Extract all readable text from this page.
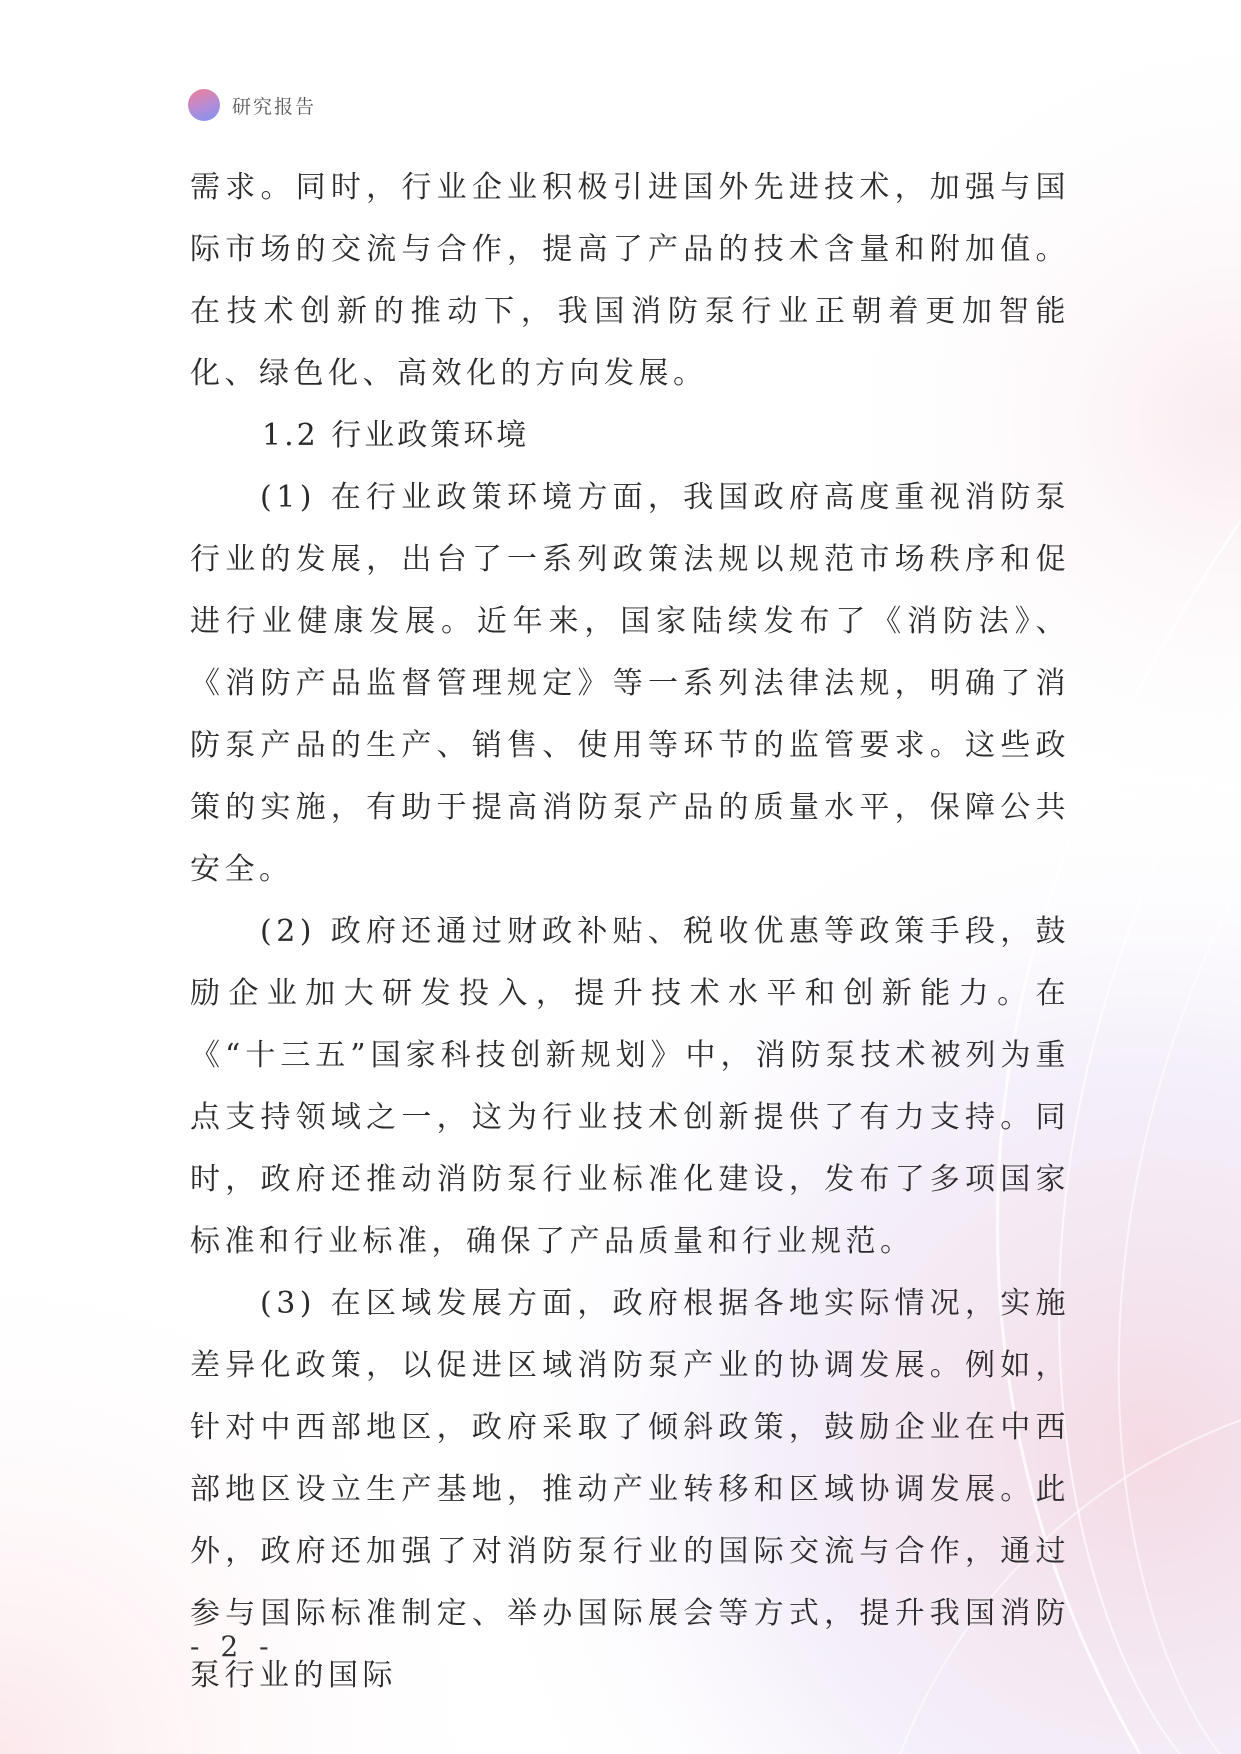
研究报告

需求。同时，行业企业积极引进国外先进技术，加强与国际市场的交流与合作，提高了产品的技术含量和附加值。在技术创新的推动下，我国消防泵行业正朝着更加智能化、绿色化、高效化的方向发展。

1.2 行业政策环境

(1) 在行业政策环境方面，我国政府高度重视消防泵行业的发展，出台了一系列政策法规以规范市场秩序和促进行业健康发展。近年来，国家陆续发布了《消防法》、《消防产品监督管理规定》等一系列法律法规，明确了消防泵产品的生产、销售、使用等环节的监管要求。这些政策的实施，有助于提高消防泵产品的质量水平，保障公共安全。

(2) 政府还通过财政补贴、税收优惠等政策手段，鼓励企业加大研发投入，提升技术水平和创新能力。在《“十三五”国家科技创新规划》中，消防泵技术被列为重点支持领域之一，这为行业技术创新提供了有力支持。同时，政府还推动消防泵行业标准化建设，发布了多项国家标准和行业标准，确保了产品质量和行业规范。

(3) 在区域发展方面，政府根据各地实际情况，实施差异化政策，以促进区域消防泵产业的协调发展。例如，针对中西部地区，政府采取了倾斜政策，鼓励企业在中西部地区设立生产基地，推动产业转移和区域协调发展。此外，政府还加强了对消防泵行业的国际交流与合作，通过参与国际标准制定、举办国际展会等方式，提升我国消防泵行业的国际

- 2 -
